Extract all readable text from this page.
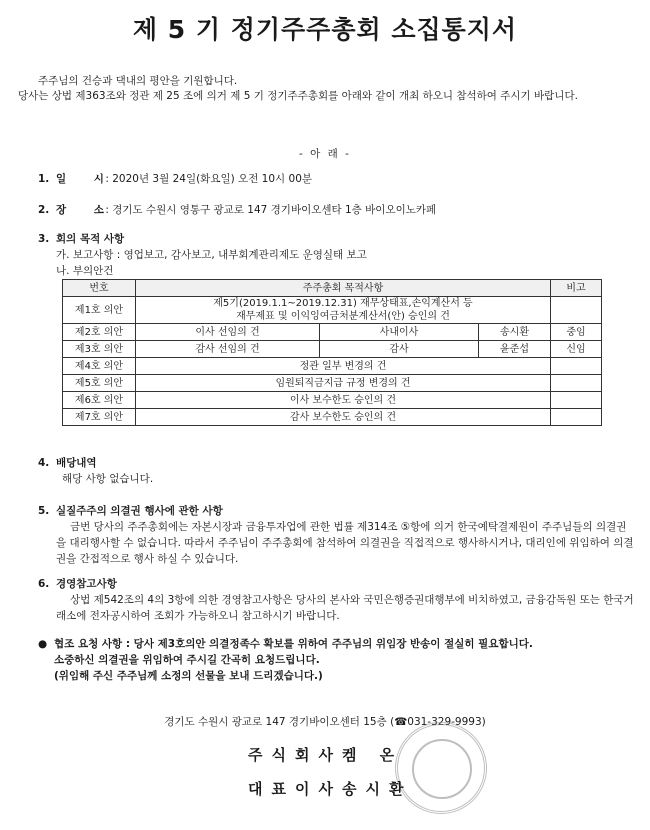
제 5 기 정기주주총회 소집통지서
주주님의 건승과 댁내의 평안을 기원합니다.
당사는 상법 제363조와 정관 제 25 조에 의거 제 5 기 정기주주총회를 아래와 같이 개최 하오니 참석하여 주시기 바랍니다.
- 아 래 -
1. 일 시 : 2020년 3월 24일(화요일) 오전 10시 00분
2. 장 소 : 경기도 수원시 영통구 광교로 147 경기바이오센타 1층 바이오이노카페
3. 회의 목적 사항
가. 보고사항 : 영업보고, 감사보고, 내부회계관리제도 운영실태 보고
나. 부의안건
번호	주주총회 목적사항			비고
제1호 의안	제5기(2019.1.1~2019.12.31) 재무상태표,손익계산서 등
재무제표 및 이익잉여금처분계산서(안) 승인의 건			

제2호 의안	이사 선임의 건	사내이사	송시환	중임
제3호 의안	감사 선임의 건	감사	윤준섭	신임
제4호 의안	정관 일부 변경의 건			
제5호 의안	임원퇴직금지급 규정 변경의 건			
제6호 의안	이사 보수한도 승인의 건			
제7호 의안	감사 보수한도 승인의 건			
4. 배당내역
해당 사항 없습니다.
5. 실질주주의 의결권 행사에 관한 사항
금번 당사의 주주총회에는 자본시장과 금융투자업에 관한 법률 제314조 ⑤항에 의거 한국예탁결제원이 주주님들의 의결권을 대리행사할 수 없습니다. 따라서 주주님이 주주총회에 참석하여 의결권을 직접적으로 행사하시거나, 대리인에 위임하여 의결권을 간접적으로 행사 하실 수 있습니다.
6. 경영참고사항
상법 제542조의 4의 3항에 의한 경영참고사항은 당사의 본사와 국민은행증권대행부에 비치하였고, 금융감독원 또는 한국거래소에 전자공시하여 조회가 가능하오니 참고하시기 바랍니다.
● 협조 요청 사항 : 당사 제3호의안 의결정족수 확보를 위하여 주주님의 위임장 반송이 절실히 필요합니다.
소중하신 의결권을 위임하여 주시길 간곡히 요청드립니다.
(위임해 주신 주주님께 소정의 선물을 보내 드리겠습니다.)
경기도 수원시 광교로 147 경기바이오센터 15층 (☎031-329-9993)
주식회사켐 온
대표이사송시환
